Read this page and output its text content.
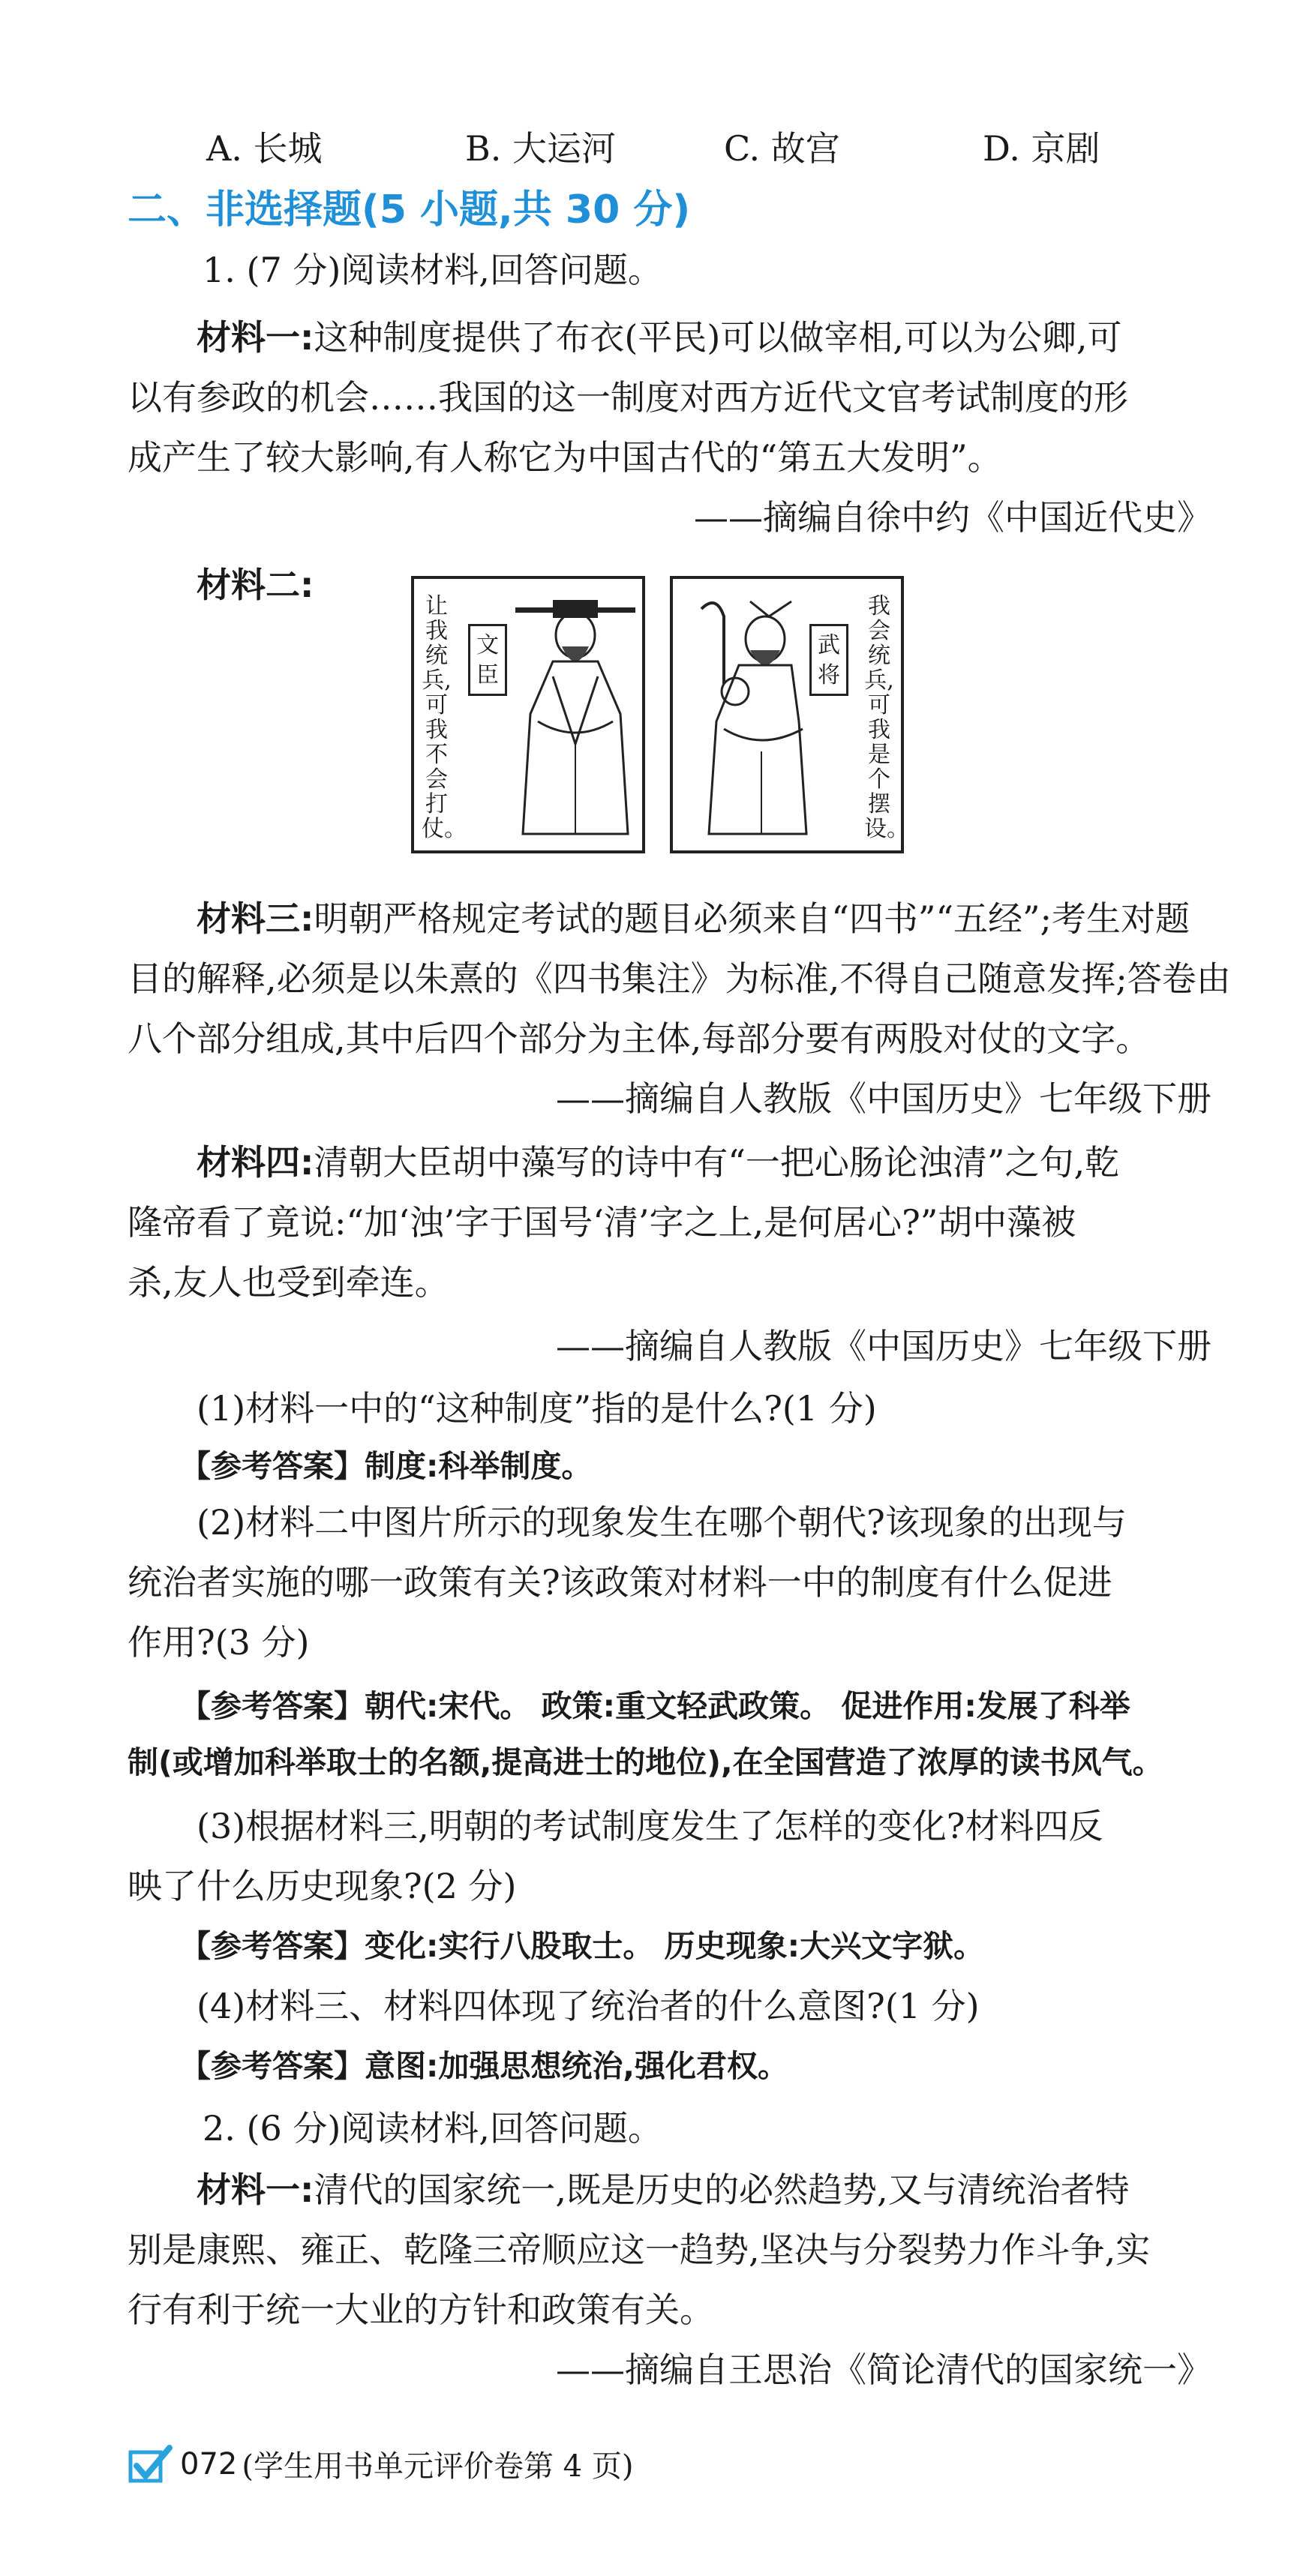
A. 长城	B. 大运河	C. 故宫	D. 京剧
二、非选择题(5 小题,共 30 分)
1. (7 分)阅读材料,回答问题。
材料一:这种制度提供了布衣(平民)可以做宰相,可以为公卿,可
以有参政的机会……我国的这一制度对西方近代文官考试制度的形
成产生了较大影响,有人称它为中国古代的“第五大发明”。
——摘编自徐中约《中国近代史》
材料二:
让我统兵,可我不会打仗。
文臣
武将
我会统兵,可我是个摆设。
材料三:明朝严格规定考试的题目必须来自“四书”“五经”;考生对题
目的解释,必须是以朱熹的《四书集注》为标准,不得自己随意发挥;答卷由
八个部分组成,其中后四个部分为主体,每部分要有两股对仗的文字。
——摘编自人教版《中国历史》七年级下册
材料四:清朝大臣胡中藻写的诗中有“一把心肠论浊清”之句,乾
隆帝看了竟说:“加‘浊’字于国号‘清’字之上,是何居心?”胡中藻被
杀,友人也受到牵连。
——摘编自人教版《中国历史》七年级下册
(1)材料一中的“这种制度”指的是什么?(1 分)
【参考答案】制度:科举制度。
(2)材料二中图片所示的现象发生在哪个朝代?该现象的出现与
统治者实施的哪一政策有关?该政策对材料一中的制度有什么促进
作用?(3 分)
【参考答案】朝代:宋代。 政策:重文轻武政策。 促进作用:发展了科举
制(或增加科举取士的名额,提高进士的地位),在全国营造了浓厚的读书风气。
(3)根据材料三,明朝的考试制度发生了怎样的变化?材料四反
映了什么历史现象?(2 分)
【参考答案】变化:实行八股取士。 历史现象:大兴文字狱。
(4)材料三、材料四体现了统治者的什么意图?(1 分)
【参考答案】意图:加强思想统治,强化君权。
2. (6 分)阅读材料,回答问题。
材料一:清代的国家统一,既是历史的必然趋势,又与清统治者特
别是康熙、雍正、乾隆三帝顺应这一趋势,坚决与分裂势力作斗争,实
行有利于统一大业的方针和政策有关。
——摘编自王思治《简论清代的国家统一》
072 (学生用书单元评价卷第 4 页)
